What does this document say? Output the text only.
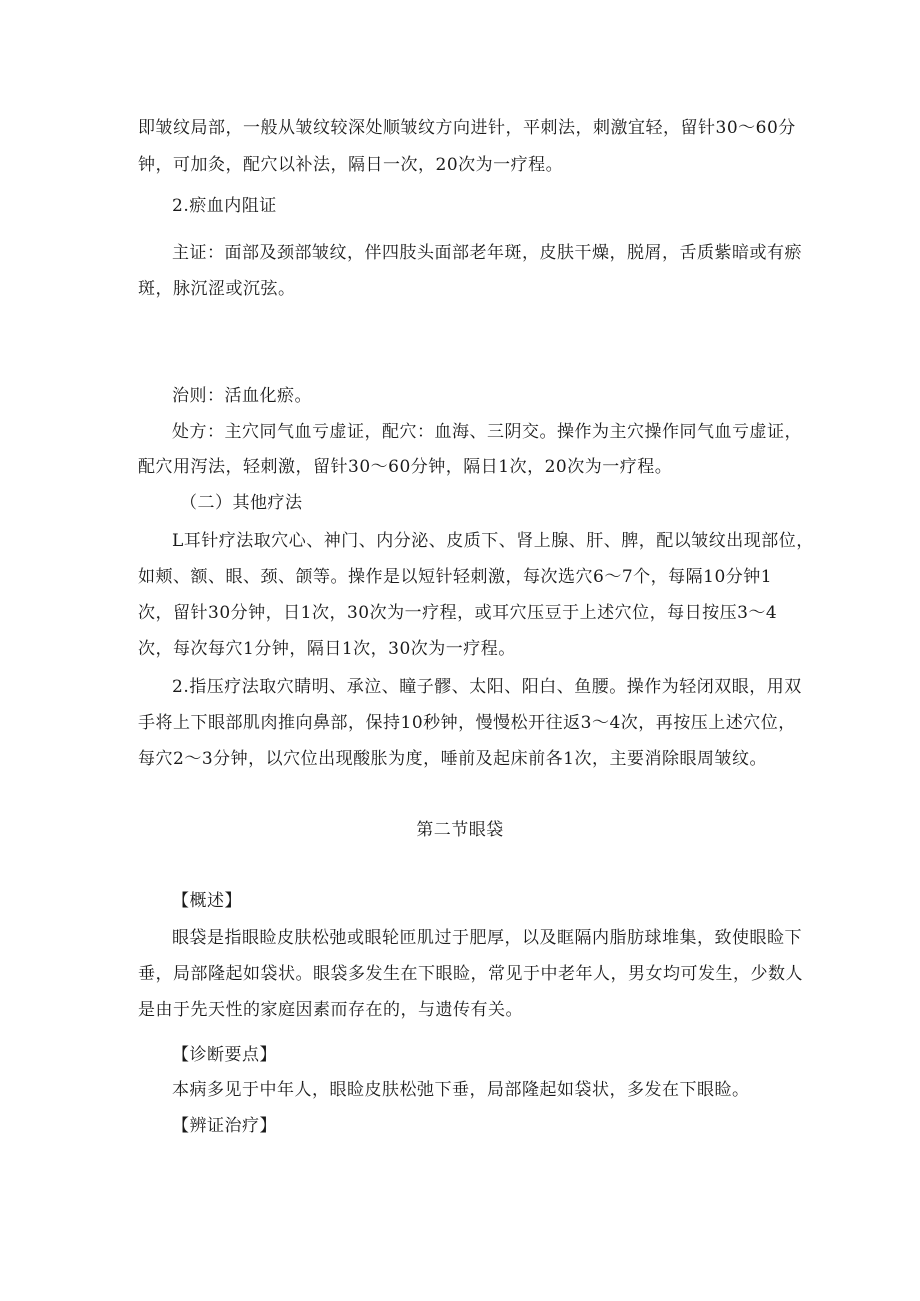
即皱纹局部，一般从皱纹较深处顺皱纹方向进针，平刺法，刺激宜轻，留针30～60分
钟，可加灸，配穴以补法，隔日一次，20次为一疗程。
2.瘀血内阻证
主证：面部及颈部皱纹，伴四肢头面部老年斑，皮肤干燥，脱屑，舌质紫暗或有瘀
斑，脉沉涩或沉弦。
治则：活血化瘀。
处方：主穴同气血亏虚证，配穴：血海、三阴交。操作为主穴操作同气血亏虚证，
配穴用泻法，轻刺激，留针30～60分钟，隔日1次，20次为一疗程。
（二）其他疗法
L耳针疗法取穴心、神门、内分泌、皮质下、肾上腺、肝、脾，配以皱纹出现部位，
如颊、额、眼、颈、颌等。操作是以短针轻刺激，每次选穴6～7个，每隔10分钟1
次，留针30分钟，日1次，30次为一疗程，或耳穴压豆于上述穴位，每日按压3～4
次，每次每穴1分钟，隔日1次，30次为一疗程。
2.指压疗法取穴睛明、承泣、瞳子髎、太阳、阳白、鱼腰。操作为轻闭双眼，用双
手将上下眼部肌肉推向鼻部，保持10秒钟，慢慢松开往返3～4次，再按压上述穴位，
每穴2～3分钟，以穴位出现酸胀为度，唾前及起床前各1次，主要消除眼周皱纹。
第二节眼袋
【概述】
眼袋是指眼睑皮肤松弛或眼轮匝肌过于肥厚，以及眶隔内脂肪球堆集，致使眼睑下
垂，局部隆起如袋状。眼袋多发生在下眼睑，常见于中老年人，男女均可发生，少数人
是由于先天性的家庭因素而存在的，与遗传有关。
【诊断要点】
本病多见于中年人，眼睑皮肤松弛下垂，局部隆起如袋状，多发在下眼睑。
【辨证治疗】
